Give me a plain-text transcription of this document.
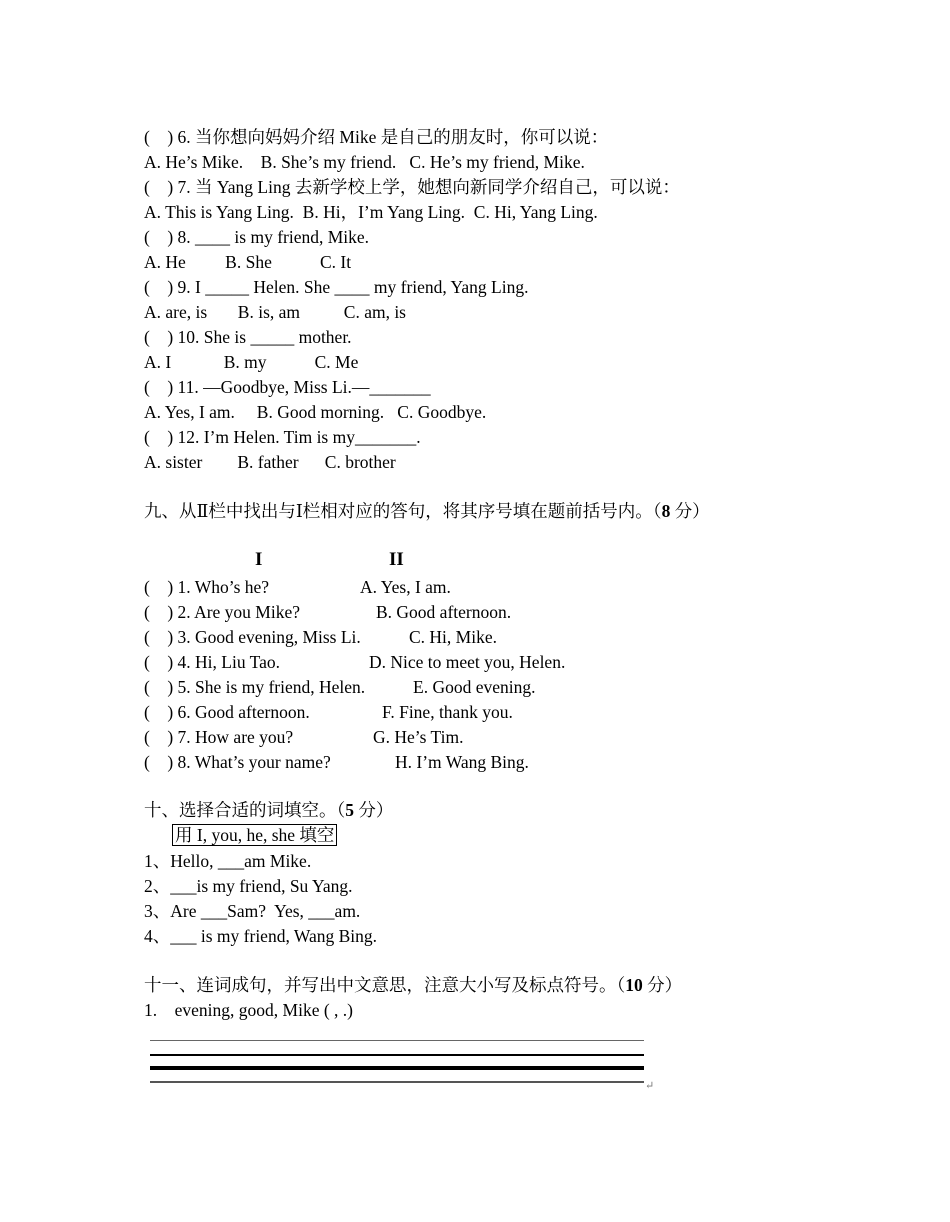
(    ) 6. 当你想向妈妈介绍 Mike 是自己的朋友时，你可以说：
A. He’s Mike.    B. She’s my friend.   C. He’s my friend, Mike.
(    ) 7. 当 Yang Ling 去新学校上学，她想向新同学介绍自己，可以说：
A. This is Yang Ling.  B. Hi，I’m Yang Ling.  C. Hi, Yang Ling.
(    ) 8. ____ is my friend, Mike.
A. He         B. She           C. It
(    ) 9. I _____ Helen. She ____ my friend, Yang Ling.
A. are, is       B. is, am          C. am, is
(    ) 10. She is _____ mother.
A. I            B. my           C. Me
(    ) 11. —Goodbye, Miss Li.—_______
A. Yes, I am.     B. Good morning.   C. Goodbye.
(    ) 12. I’m Helen. Tim is my_______.
A. sister        B. father      C. brother
九、从Ⅱ栏中找出与Ⅰ栏相对应的答句，将其序号填在题前括号内。（8 分）
I	II
(    ) 1. Who’s he?	A. Yes, I am.
(    ) 2. Are you Mike?	B. Good afternoon.
(    ) 3. Good evening, Miss Li.	C. Hi, Mike.
(    ) 4. Hi, Liu Tao.	D. Nice to meet you, Helen.
(    ) 5. She is my friend, Helen.	E. Good evening.
(    ) 6. Good afternoon.	F. Fine, thank you.
(    ) 7. How are you?	G. He’s Tim.
(    ) 8. What’s your name?	H. I’m Wang Bing.
十、选择合适的词填空。（5 分）
用 I, you, he, she 填空
1、Hello, ___am Mike.
2、___is my friend, Su Yang.
3、Are ___Sam?  Yes, ___am.
4、___ is my friend, Wang Bing.
十一、连词成句，并写出中文意思，注意大小写及标点符号。（10 分）
1.    evening, good, Mike ( , .)
↵
